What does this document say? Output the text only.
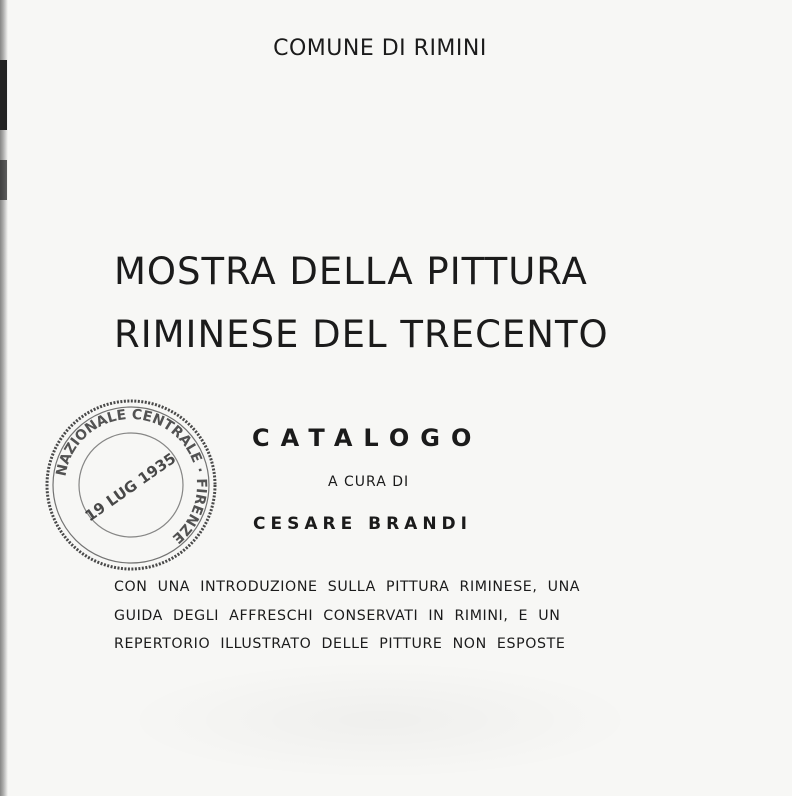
COMUNE DI RIMINI

MOSTRA DELLA PITTURA

RIMINESE DEL TRECENTO

CATALOGO

A CURA DI

CESARE BRANDI

CON UNA INTRODUZIONE SULLA PITTURA RIMINESE, UNA

GUIDA DEGLI AFFRESCHI CONSERVATI IN RIMINI, E UN

REPERTORIO ILLUSTRATO DELLE PITTURE NON ESPOSTE

NAZIONALE CENTRALE · FIRENZE
19 LUG 1935
